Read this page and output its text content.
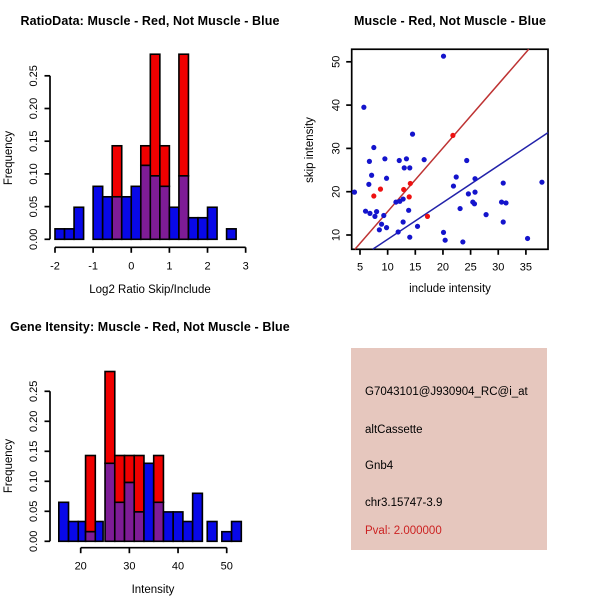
RatioData: Muscle - Red, Not Muscle - Blue
Log2 Ratio Skip/Include
Frequency
-2	-1	0	1	2	3
0.00
0.05
0.10
0.15
0.20
0.25
Muscle - Red, Not Muscle - Blue
include intensity
skip intensity
5 10 15 20 25 30 35
10
20
30
40
50
Gene Itensity: Muscle - Red, Not Muscle - Blue
Intensity
Frequency
20	30	40	50
0.00
0.05
0.10
0.15
0.20
0.25	G7043101@J930904_RC@i_at
altCassette
Gnb4
chr3.15747-3.9
Pval: 2.000000
